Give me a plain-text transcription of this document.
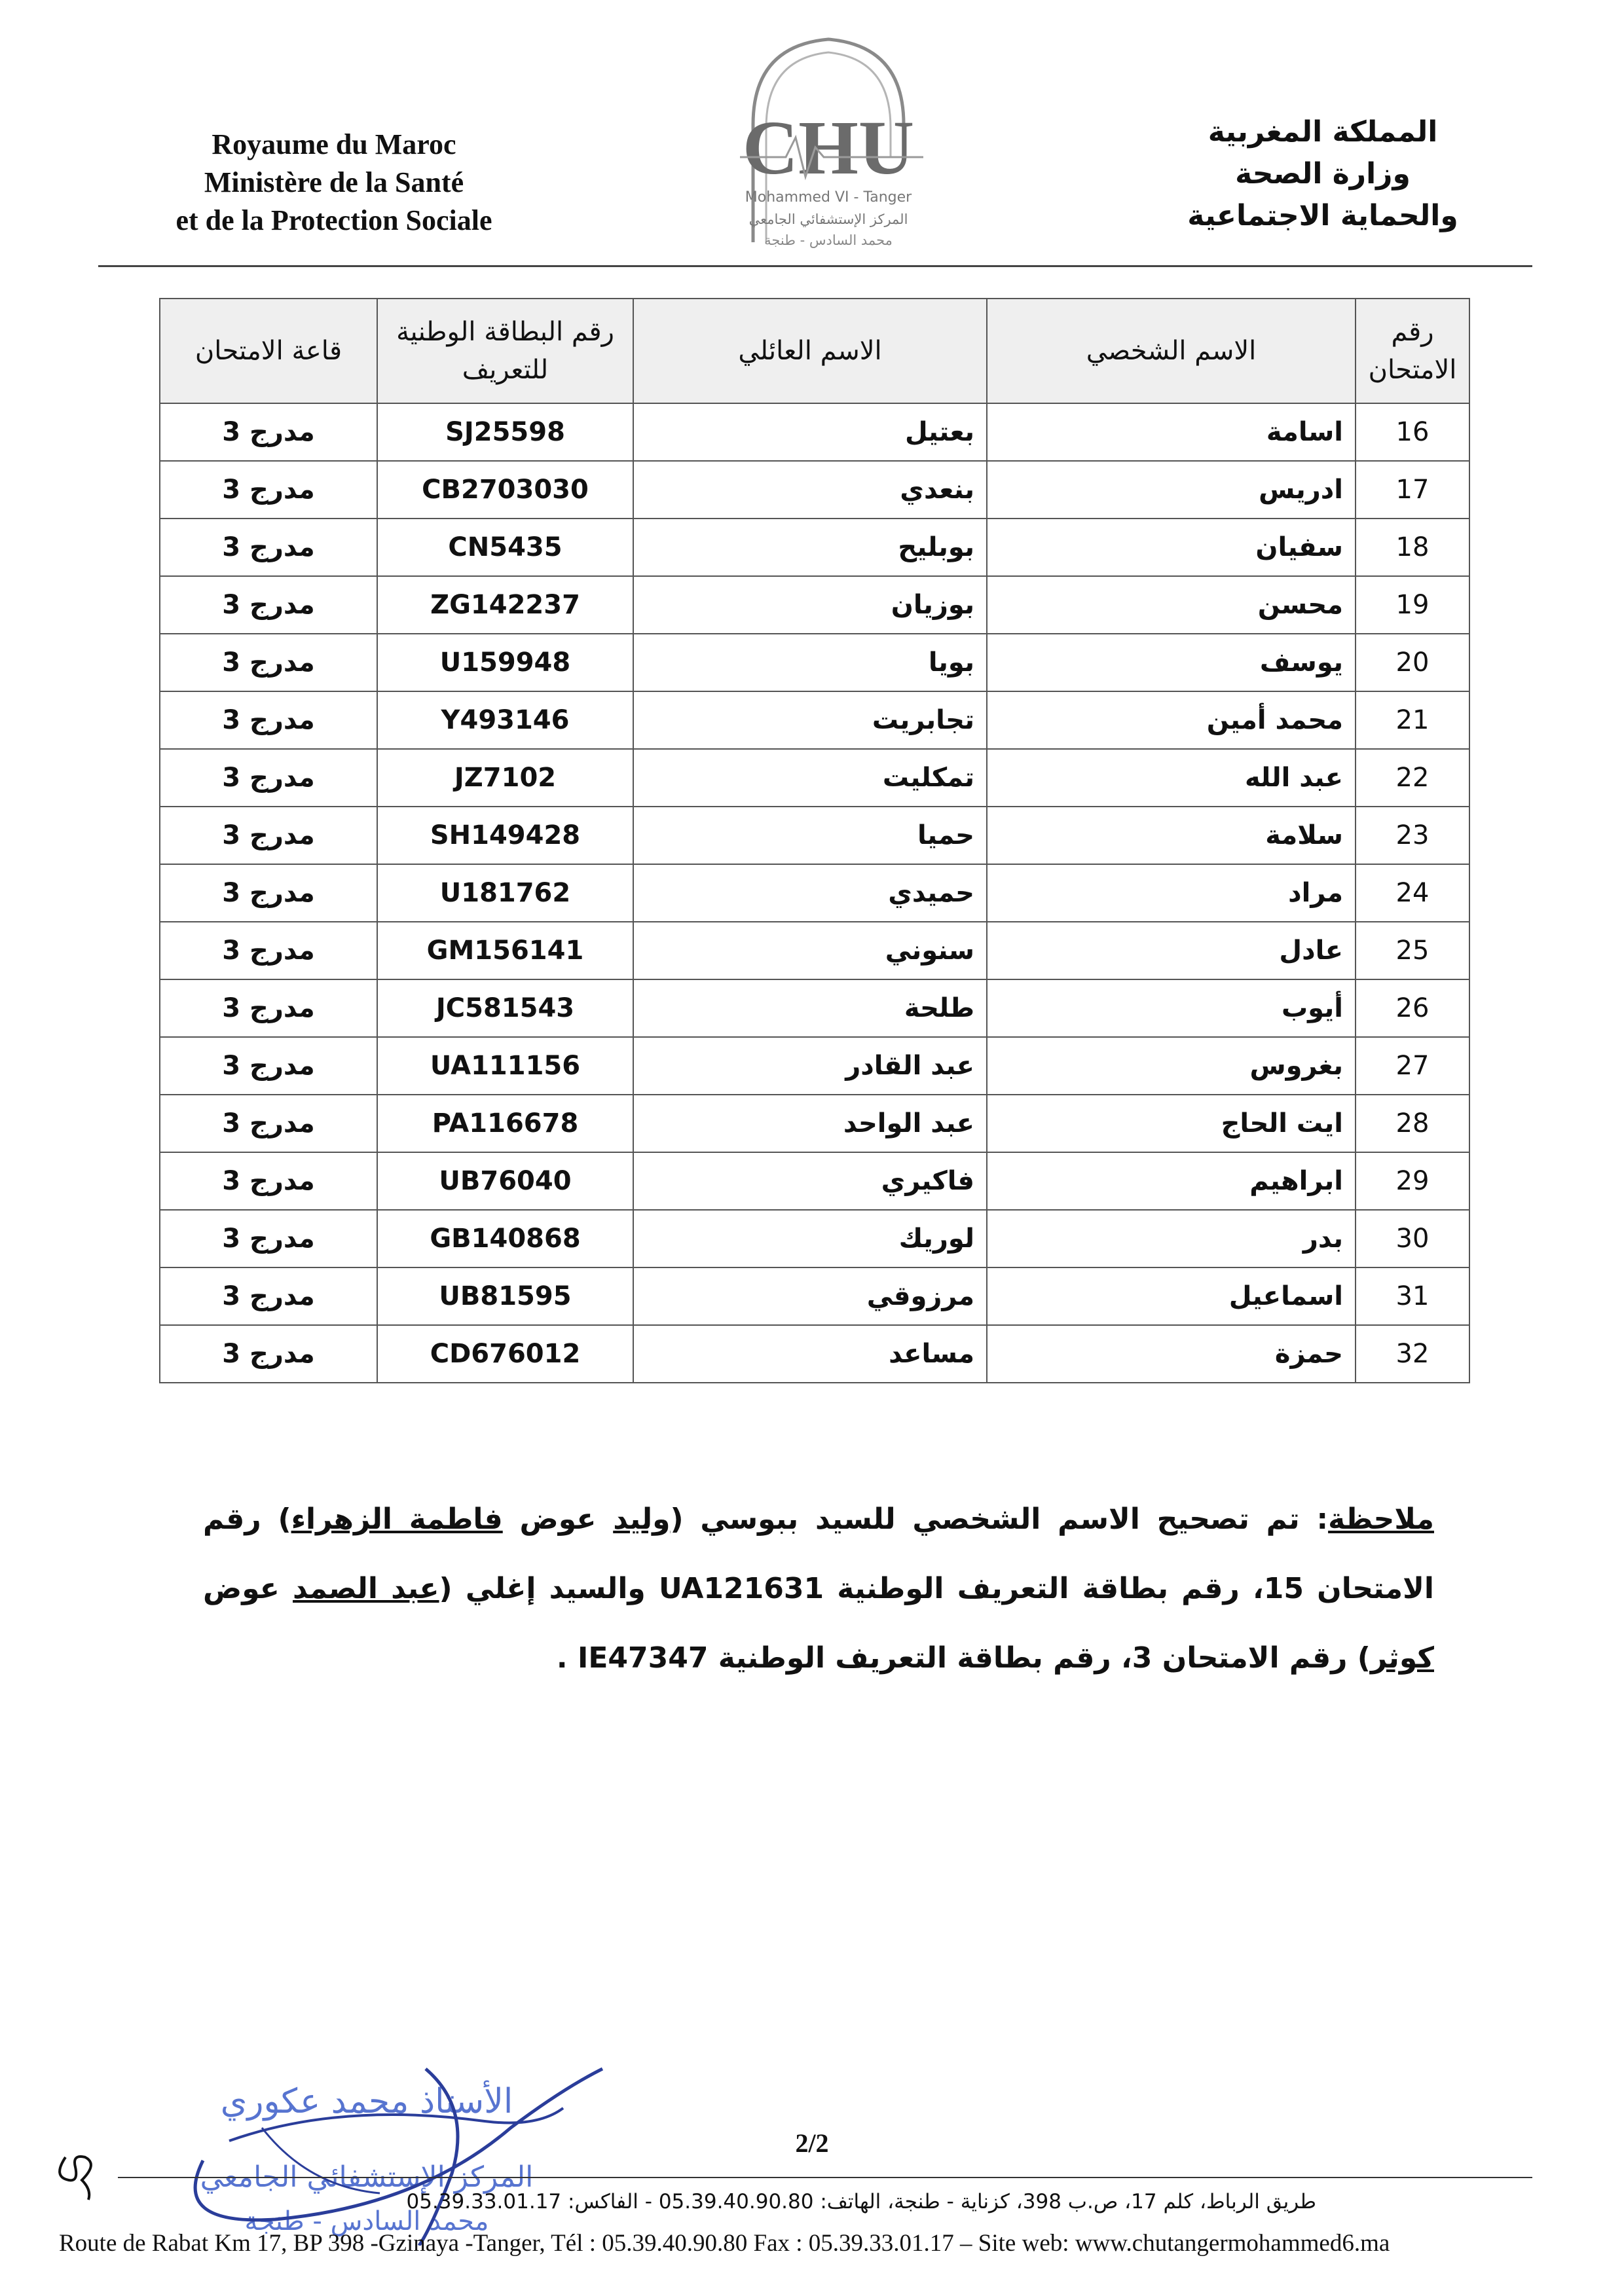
Royaume du Maroc
Ministère de la Santé
et de la Protection Sociale
CHU
Mohammed VI - Tanger
المركز الإستشفائي الجامعي
محمد السادس - طنجة
المملكة المغربية
وزارة الصحة
والحماية الاجتماعية
رقم الامتحان	الاسم الشخصي	الاسم العائلي	رقم البطاقة الوطنية للتعريف	قاعة الامتحان
16	اسامة	بعتيل	SJ25598	مدرج 3
17	ادريس	بنعدي	CB2703030	مدرج 3
18	سفيان	بوبليح	CN5435	مدرج 3
19	محسن	بوزيان	ZG142237	مدرج 3
20	يوسف	بويا	U159948	مدرج 3
21	محمد أمين	تجابريت	Y493146	مدرج 3
22	عبد الله	تمكليت	JZ7102	مدرج 3
23	سلامة	حميا	SH149428	مدرج 3
24	مراد	حميدي	U181762	مدرج 3
25	عادل	سنوني	GM156141	مدرج 3
26	أيوب	طلحة	JC581543	مدرج 3
27	بغروس	عبد القادر	UA111156	مدرج 3
28	ايت الحاج	عبد الواحد	PA116678	مدرج 3
29	ابراهيم	فاكيري	UB76040	مدرج 3
30	بدر	لوريك	GB140868	مدرج 3
31	اسماعيل	مرزوقي	UB81595	مدرج 3
32	حمزة	مساعد	CD676012	مدرج 3
ملاحظة: تم تصحيح الاسم الشخصي للسيد ببوسي (وليد عوض فاطمة الزهراء) رقم الامتحان 15، رقم بطاقة التعريف الوطنية UA121631 والسيد إغلي (عبد الصمد عوض كوثر) رقم الامتحان 3، رقم بطاقة التعريف الوطنية IE47347 .
الأستاذ محمد عكوري
المركز الإستشفائي الجامعي
محمد السادس - طنجة
2/2
طريق الرباط، كلم 17، ص.ب 398، كزناية - طنجة، الهاتف: 05.39.40.90.80 - الفاكس: 05.39.33.01.17
Route de Rabat Km 17, BP 398 -Gzinaya -Tanger, Tél : 05.39.40.90.80 Fax : 05.39.33.01.17 – Site web: www.chutangermohammed6.ma
